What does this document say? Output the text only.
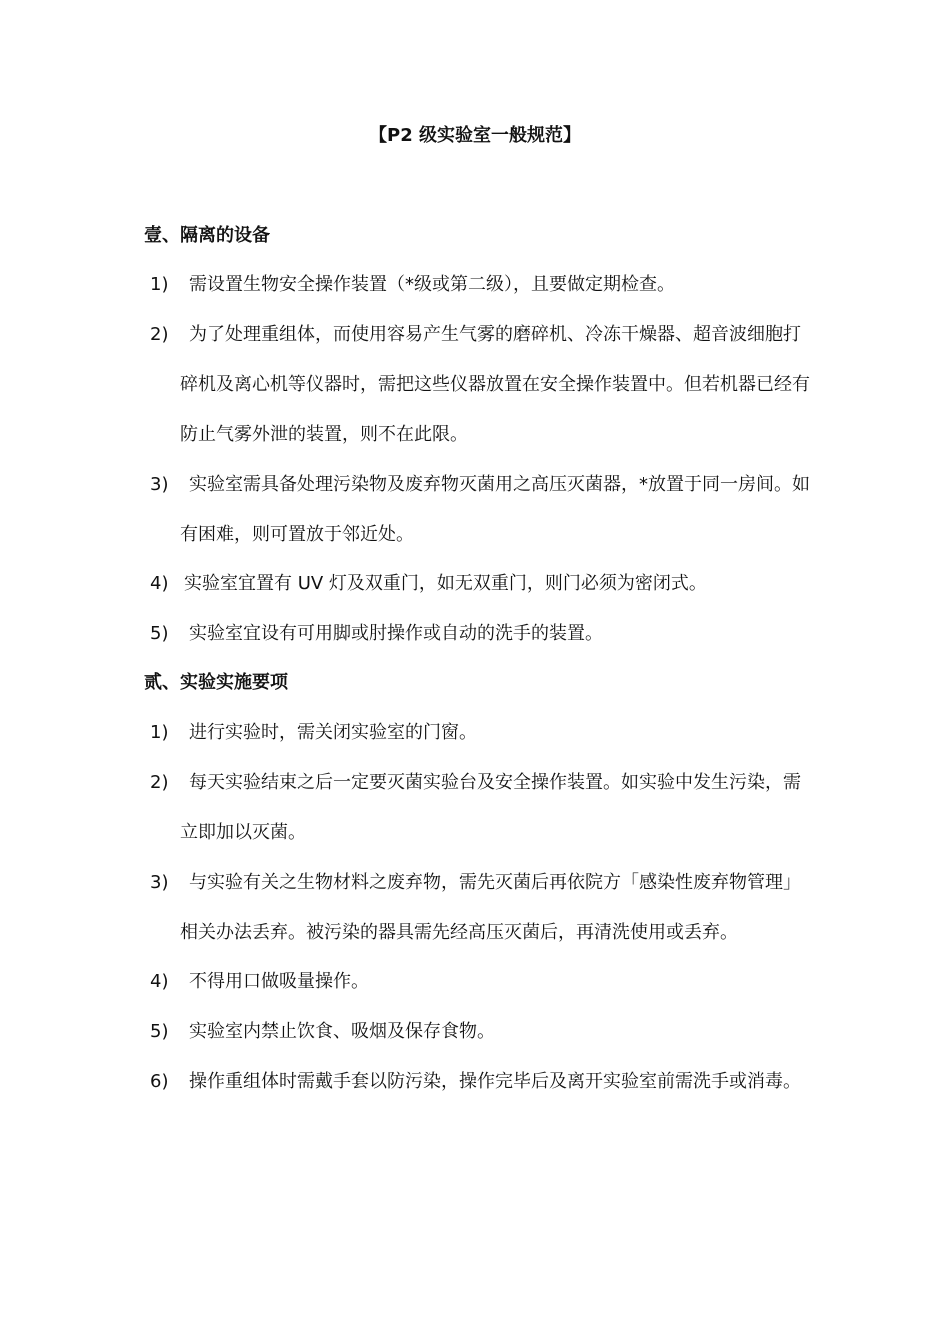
【P2 级实验室一般规范】
壹、隔离的设备
1)	需设置生物安全操作装置（*级或第二级），且要做定期检查。
2)	为了处理重组体，而使用容易产生气雾的磨碎机、冷冻干燥器、超音波细胞打碎机及离心机等仪器时，需把这些仪器放置在安全操作装置中。但若机器已经有防止气雾外泄的装置，则不在此限。
3)	实验室需具备处理污染物及废弃物灭菌用之高压灭菌器，*放置于同一房间。如有困难，则可置放于邻近处。
4) 实验室宜置有 UV 灯及双重门，如无双重门，则门必须为密闭式。
5)	实验室宜设有可用脚或肘操作或自动的洗手的装置。
贰、实验实施要项
1)	进行实验时，需关闭实验室的门窗。
2)	每天实验结束之后一定要灭菌实验台及安全操作装置。如实验中发生污染，需立即加以灭菌。
3)	与实验有关之生物材料之废弃物，需先灭菌后再依院方「感染性废弃物管理」相关办法丢弃。被污染的器具需先经高压灭菌后，再清洗使用或丢弃。
4)	不得用口做吸量操作。
5)	实验室内禁止饮食、吸烟及保存食物。
6)	操作重组体时需戴手套以防污染，操作完毕后及离开实验室前需洗手或消毒。
